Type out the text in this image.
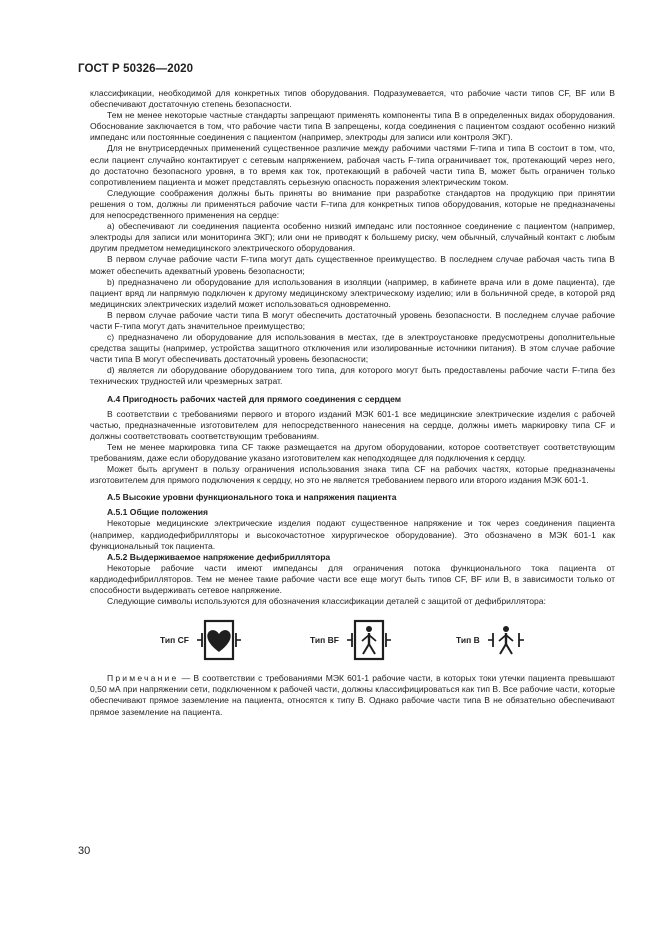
ГОСТ Р 50326—2020

классификации, необходимой для конкретных типов оборудования. Подразумевается, что рабочие части типов CF, BF или В обеспечивают достаточную степень безопасности.

Тем не менее некоторые частные стандарты запрещают применять компоненты типа В в определенных видах оборудования. Обоснование заключается в том, что рабочие части типа В запрещены, когда соединения с пациентом создают особенно низкий импеданс или постоянные соединения с пациентом (например, электроды для записи или контроля ЭКГ).

Для не внутрисердечных применений существенное различие между рабочими частями F-типа и типа В состоит в том, что, если пациент случайно контактирует с сетевым напряжением, рабочая часть F-типа ограничивает ток, протекающий через него, до достаточно безопасного уровня, в то время как ток, протекающий в рабочей части типа В, может быть ограничен только сопротивлением пациента и может представлять серьезную опасность поражения электрическим током.

Следующие соображения должны быть приняты во внимание при разработке стандартов на продукцию при принятии решения о том, должны ли применяться рабочие части F-типа для конкретных типов оборудования, которые не предназначены для непосредственного применения на сердце:

а) обеспечивают ли соединения пациента особенно низкий импеданс или постоянное соединение с пациентом (например, электроды для записи или мониторинга ЭКГ); или они не приводят к большему риску, чем обычный, случайный контакт с любым другим предметом немедицинского электрического оборудования.

В первом случае рабочие части F-типа могут дать существенное преимущество. В последнем случае рабочая часть типа В может обеспечить адекватный уровень безопасности;

b) предназначено ли оборудование для использования в изоляции (например, в кабинете врача или в доме пациента), где пациент вряд ли напрямую подключен к другому медицинскому электрическому изделию; или в больничной среде, в которой ряд медицинских электрических изделий может использоваться одновременно.

В первом случае рабочие части типа В могут обеспечить достаточный уровень безопасности. В последнем случае рабочие части F-типа могут дать значительное преимущество;

с) предназначено ли оборудование для использования в местах, где в электроустановке предусмотрены дополнительные средства защиты (например, устройства защитного отключения или изолированные источники питания). В этом случае рабочие части типа В могут обеспечивать достаточный уровень безопасности;

d) является ли оборудование оборудованием того типа, для которого могут быть предоставлены рабочие части F-типа без технических трудностей или чрезмерных затрат.

А.4 Пригодность рабочих частей для прямого соединения с сердцем

В соответствии с требованиями первого и второго изданий МЭК 601-1 все медицинские электрические изделия с рабочей частью, предназначенные изготовителем для непосредственного нанесения на сердце, должны иметь маркировку типа CF и должны соответствовать соответствующим требованиям.

Тем не менее маркировка типа CF также размещается на другом оборудовании, которое соответствует соответствующим требованиям, даже если оборудование указано изготовителем как неподходящее для подключения к сердцу.

Может быть аргумент в пользу ограничения использования знака типа CF на рабочих частях, которые предназначены изготовителем для прямого подключения к сердцу, но это не является требованием первого или второго издания МЭК 601-1.

А.5 Высокие уровни функционального тока и напряжения пациента
А.5.1 Общие положения

Некоторые медицинские электрические изделия подают существенное напряжение и ток через соединения пациента (например, кардиодефибрилляторы и высокочастотное хирургическое оборудование). Это обозначено в МЭК 601-1 как функциональный ток пациента.

А.5.2 Выдерживаемое напряжение дефибриллятора

Некоторые рабочие части имеют импедансы для ограничения потока функционального тока пациента от кардиодефибрилляторов. Тем не менее такие рабочие части все еще могут быть типов CF, BF или В, в зависимости только от способности выдерживать сетевое напряжение.

Следующие символы используются для обозначения классификации деталей с защитой от дефибриллятора:

Тип CF	Тип BF	Тип В

Примечание — В соответствии с требованиями МЭК 601-1 рабочие части, в которых токи утечки пациента превышают 0,50 мА при напряжении сети, подключенном к рабочей части, должны классифицироваться как тип В. Все рабочие части, которые обеспечивают прямое заземление на пациента, относятся к типу В. Однако рабочие части типа В не обязательно обеспечивают прямое заземление на пациента.

30
